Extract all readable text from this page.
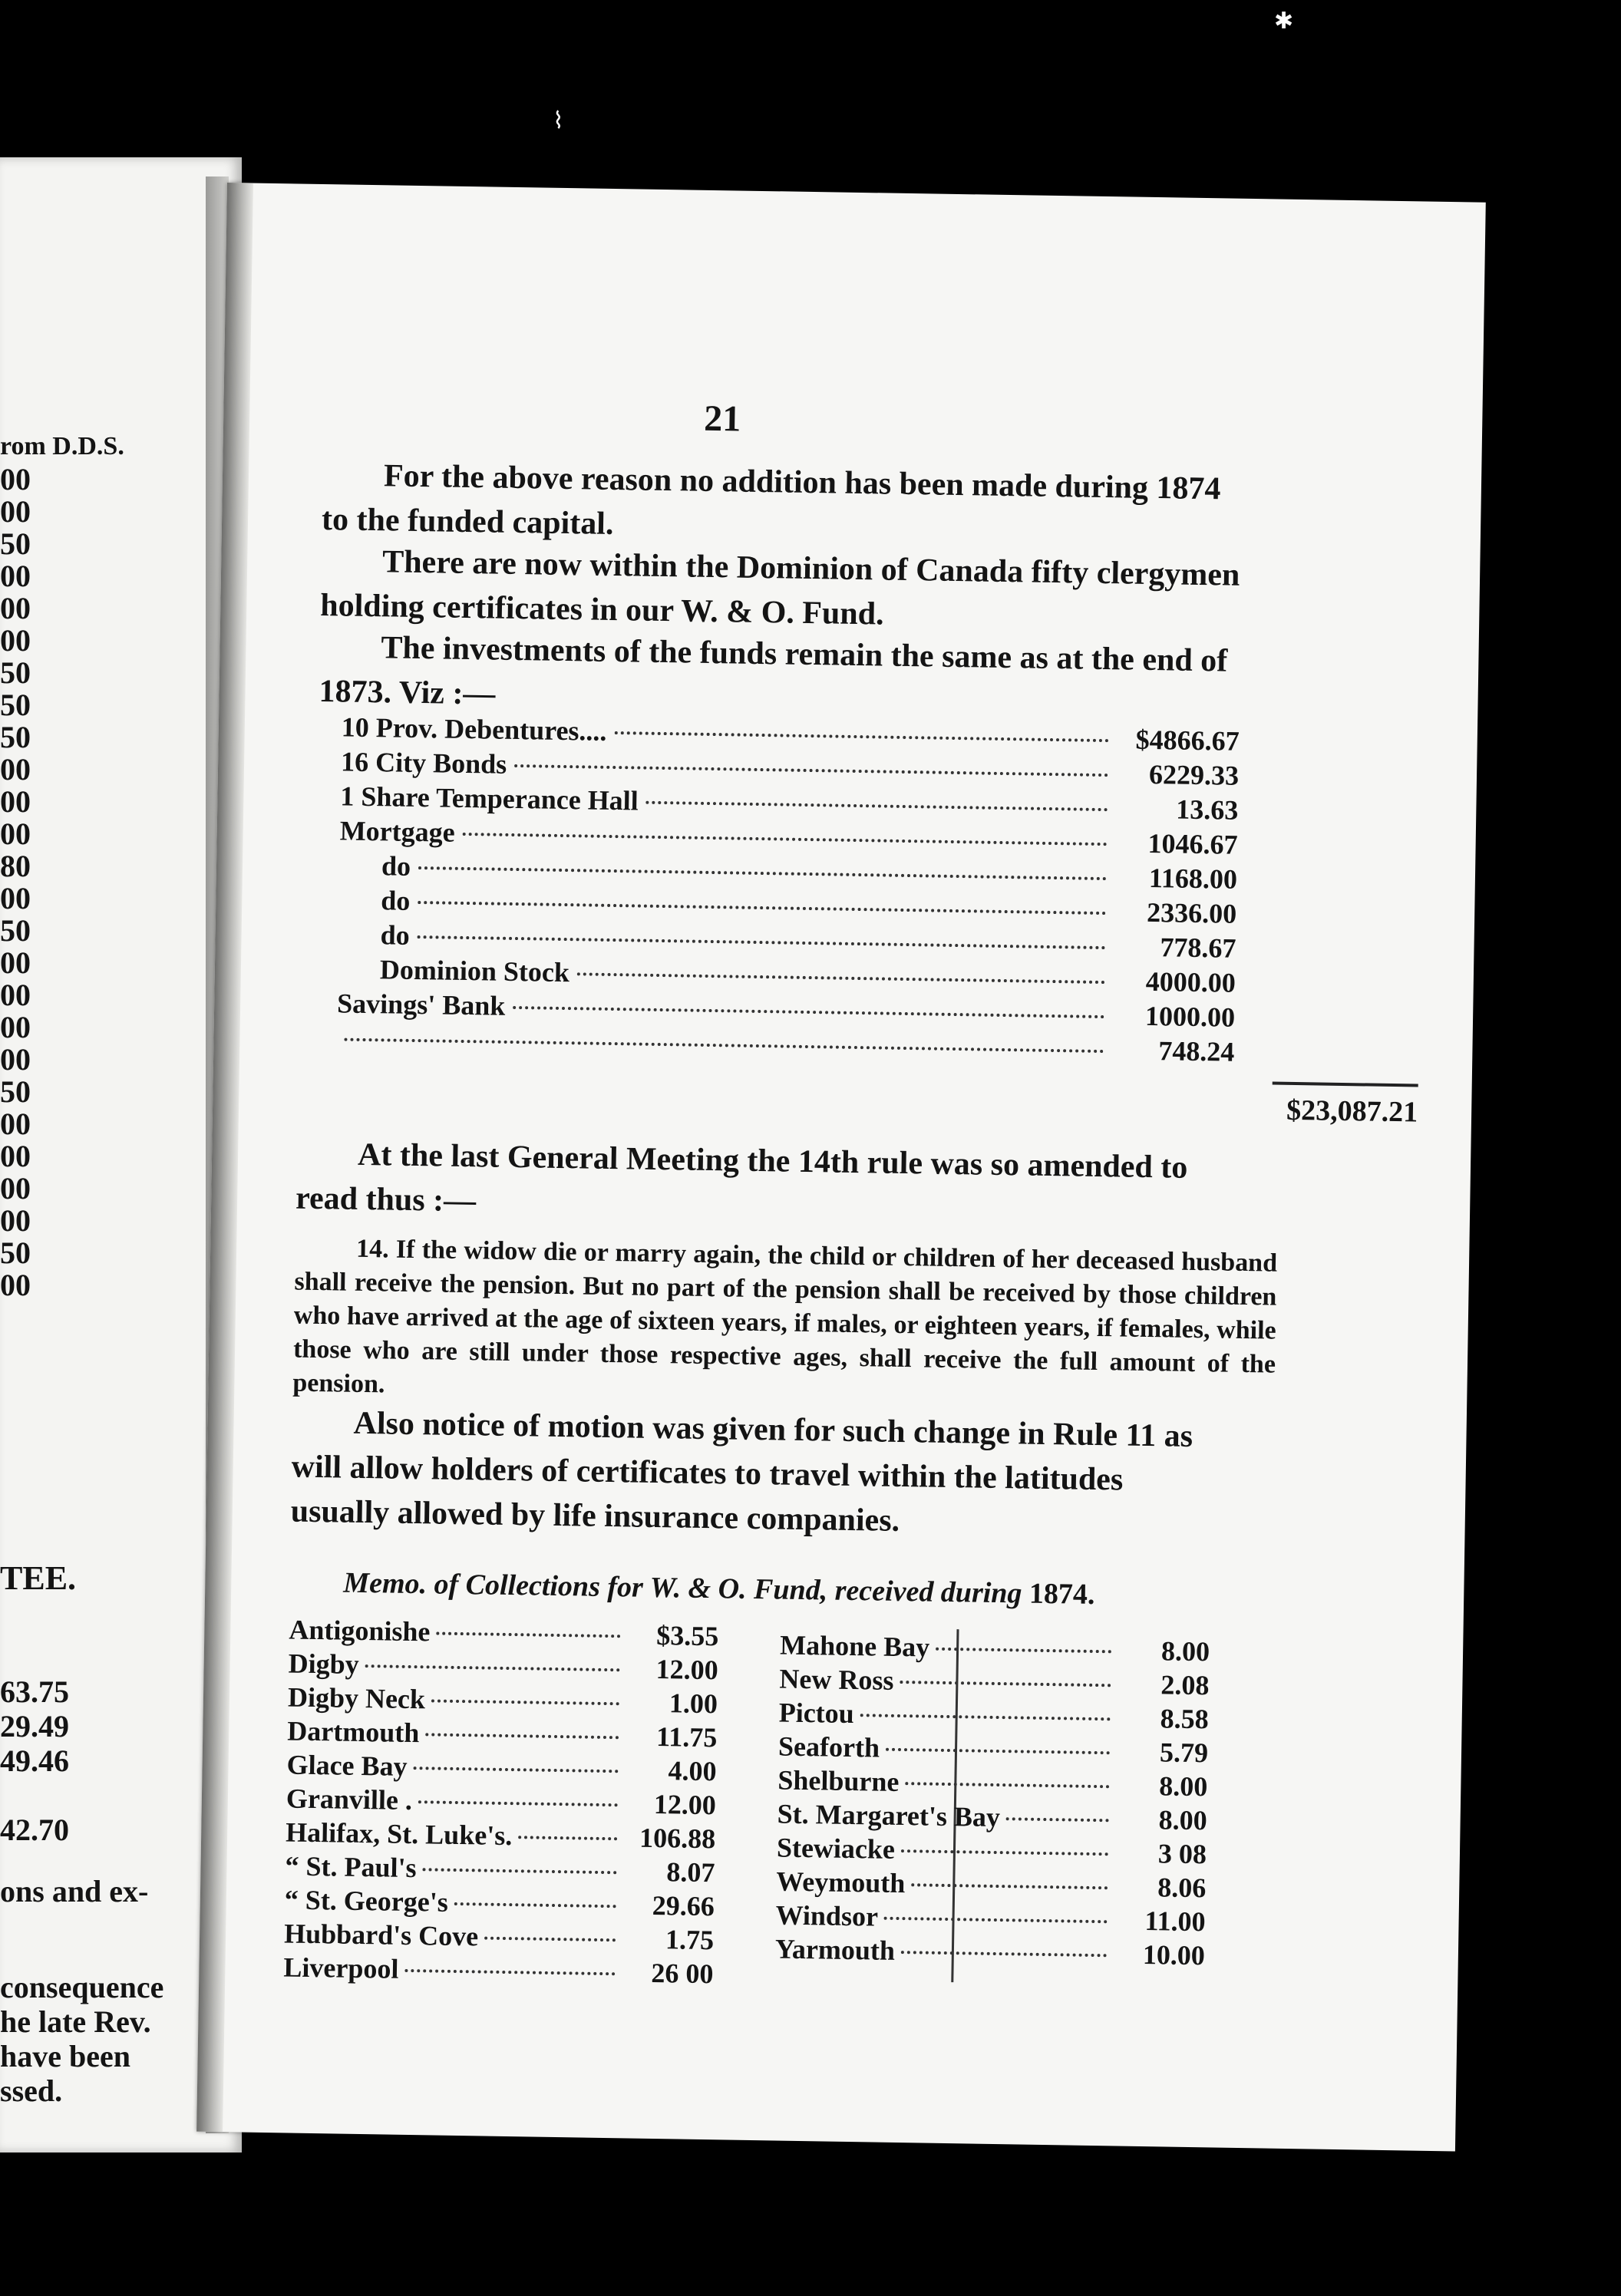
rom D.D.S.
00
00
50
00
00
00
50
50
50
00
00
00
80
00
50
00
00
00
00
50
00
00
00
00
50
00
TEE.
63.75
29.49
49.46
42.70
ons and ex-
consequence
he late Rev.
have been
ssed.
21
For the above reason no addition has been made during 1874
to the funded capital.
There are now within the Dominion of Canada fifty clergymen
holding certificates in our W. & O. Fund.
The investments of the funds remain the same as at the end of
1873. Viz :—
10 Prov. Debentures....	$4866.67
16 City Bonds	6229.33
1 Share Temperance Hall	13.63
Mortgage	1046.67
do	1168.00
do	2336.00
do	778.67
Dominion Stock	4000.00
Savings' Bank	1000.00
748.24
$23,087.21
At the last General Meeting the 14th rule was so amended to
read thus :—
14. If the widow die or marry again, the child or children of her deceased husband shall receive the pension. But no part of the pension shall be received by those children who have arrived at the age of sixteen years, if males, or eighteen years, if females, while those who are still under those respective ages, shall receive the full amount of the pension.
Also notice of motion was given for such change in Rule 11 as
will allow holders of certificates to travel within the latitudes
usually allowed by life insurance companies.
Memo. of Collections for W. & O. Fund, received during 1874.
Antigonishe	$3.55
Digby	12.00
Digby Neck	1.00
Dartmouth	11.75
Glace Bay	4.00
Granville .	12.00
Halifax, St. Luke's.	106.88
“ St. Paul's	8.07
“ St. George's	29.66
Hubbard's Cove	1.75
Liverpool	26 00
Mahone Bay	8.00
New Ross	2.08
Pictou	8.58
Seaforth	5.79
Shelburne	8.00
St. Margaret's Bay	8.00
Stewiacke	3 08
Weymouth	8.06
Windsor	11.00
Yarmouth	10.00
⌇
✱
